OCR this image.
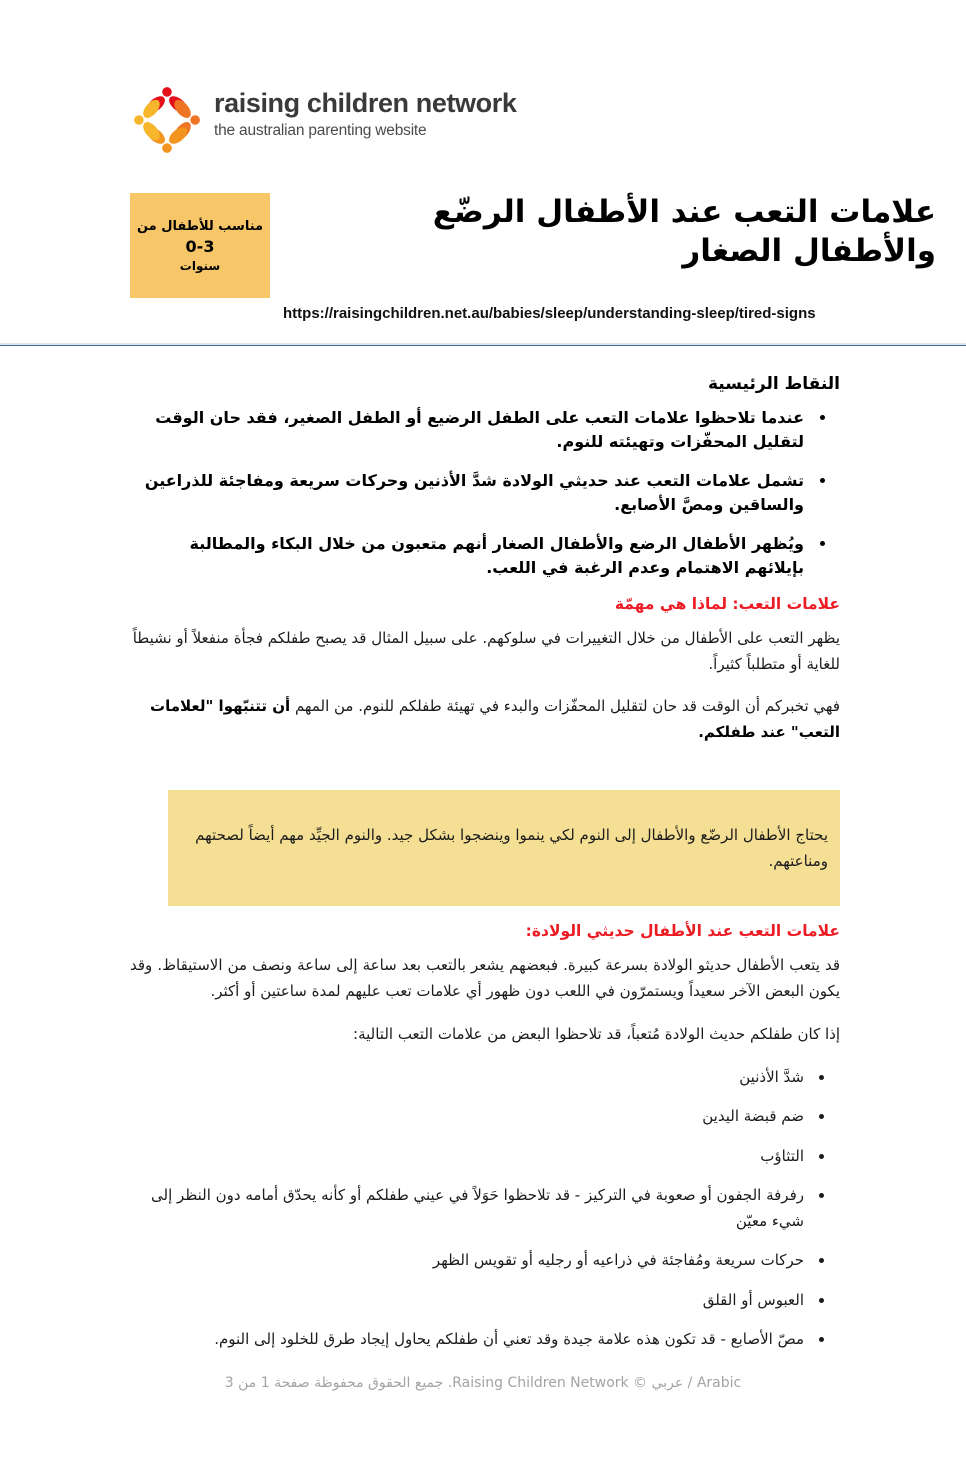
raising children network
the australian parenting website
مناسب للأطفال من
0-3
سنوات
علامات التعب عند الأطفال الرضّع والأطفال الصغار
https://raisingchildren.net.au/babies/sleep/understanding-sleep/tired-signs
النقاط الرئيسية
• عندما تلاحظوا علامات التعب على الطفل الرضيع أو الطفل الصغير، فقد حان الوقت لتقليل المحفّزات وتهيئته للنوم.
• تشمل علامات التعب عند حديثي الولادة شدَّ الأذنين وحركات سريعة ومفاجئة للذراعين والساقين ومصَّ الأصابع.
• ويُظهر الأطفال الرضع والأطفال الصغار أنهم متعبون من خلال البكاء والمطالبة بإيلائهم الاهتمام وعدم الرغبة في اللعب.
علامات التعب: لماذا هي مهمّة

يظهر التعب على الأطفال من خلال التغييرات في سلوكهم. على سبيل المثال قد يصبح طفلكم فجأة منفعلاً أو نشيطاً للغاية أو متطلباً كثيراً.

فهي تخبركم أن الوقت قد حان لتقليل المحفّزات والبدء في تهيئة طفلكم للنوم. من المهم أن تتنبّهوا "لعلامات التعب" عند طفلكم.

يحتاج الأطفال الرضّع والأطفال إلى النوم لكي ينموا وينضجوا بشكل جيد. والنوم الجيِّد مهم أيضاً لصحتهم ومناعتهم.
علامات التعب عند الأطفال حديثي الولادة:

قد يتعب الأطفال حديثو الولادة بسرعة كبيرة. فبعضهم يشعر بالتعب بعد ساعة إلى ساعة ونصف من الاستيقاظ. وقد يكون البعض الآخر سعيداً ويستمرّون في اللعب دون ظهور أي علامات تعب عليهم لمدة ساعتين أو أكثر.

إذا كان طفلكم حديث الولادة مُتعباً، قد تلاحظوا البعض من علامات التعب التالية:

• شدَّ الأذنين
• ضم قبضة اليدين
• التثاؤب
• رفرفة الجفون أو صعوبة في التركيز - قد تلاحظوا حَوَلاً في عيني طفلكم أو كأنه يحدّق أمامه دون النظر إلى شيء معيّن
• حركات سريعة ومُفاجئة في ذراعيه أو رجليه أو تقويس الظهر
• العبوس أو القلق
• مصّ الأصابع - قد تكون هذه علامة جيدة وقد تعني أن طفلكم يحاول إيجاد طرق للخلود إلى النوم.
Arabic / عربي © Raising Children Network. جميع الحقوق محفوظة صفحة 1 من 3
